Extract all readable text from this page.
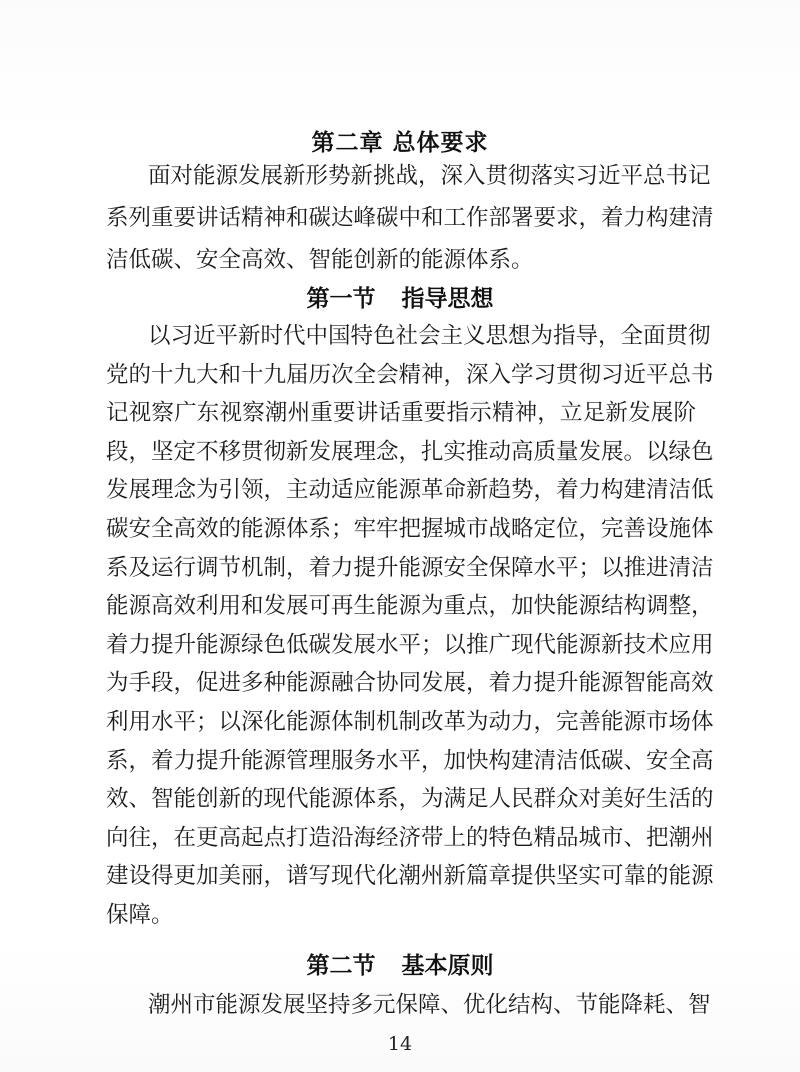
第二章 总体要求
面对能源发展新形势新挑战，深入贯彻落实习近平总书记
系列重要讲话精神和碳达峰碳中和工作部署要求，着力构建清
洁低碳、安全高效、智能创新的能源体系。
第一节 指导思想
以习近平新时代中国特色社会主义思想为指导，全面贯彻
党的十九大和十九届历次全会精神，深入学习贯彻习近平总书
记视察广东视察潮州重要讲话重要指示精神，立足新发展阶
段，坚定不移贯彻新发展理念，扎实推动高质量发展。以绿色
发展理念为引领，主动适应能源革命新趋势，着力构建清洁低
碳安全高效的能源体系；牢牢把握城市战略定位，完善设施体
系及运行调节机制，着力提升能源安全保障水平；以推进清洁
能源高效利用和发展可再生能源为重点，加快能源结构调整，
着力提升能源绿色低碳发展水平；以推广现代能源新技术应用
为手段，促进多种能源融合协同发展，着力提升能源智能高效
利用水平；以深化能源体制机制改革为动力，完善能源市场体
系，着力提升能源管理服务水平，加快构建清洁低碳、安全高
效、智能创新的现代能源体系，为满足人民群众对美好生活的
向往，在更高起点打造沿海经济带上的特色精品城市、把潮州
建设得更加美丽，谱写现代化潮州新篇章提供坚实可靠的能源
保障。
14
第二节 基本原则
潮州市能源发展坚持多元保障、优化结构、节能降耗、智
